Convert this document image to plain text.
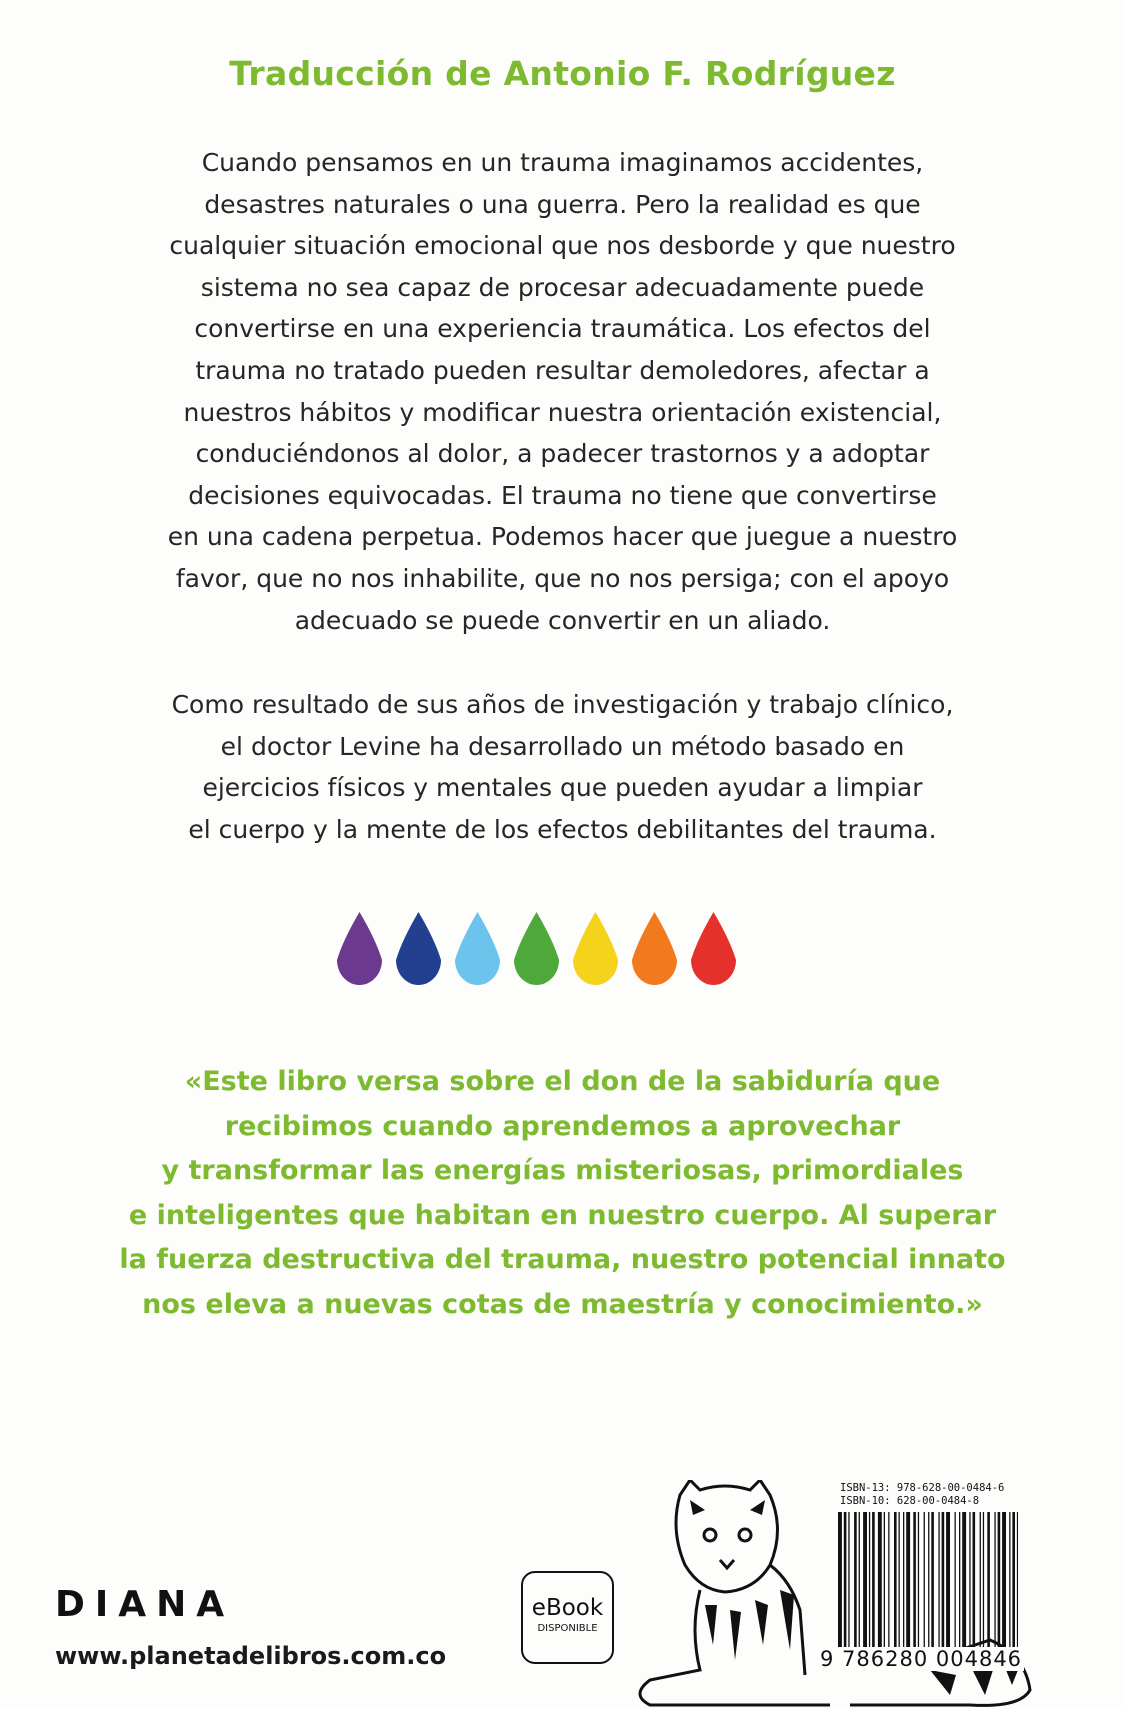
Traducción de Antonio F. Rodríguez
Cuando pensamos en un trauma imaginamos accidentes,
desastres naturales o una guerra. Pero la realidad es que
cualquier situación emocional que nos desborde y que nuestro
sistema no sea capaz de procesar adecuadamente puede
convertirse en una experiencia traumática. Los efectos del
trauma no tratado pueden resultar demoledores, afectar a
nuestros hábitos y modificar nuestra orientación existencial,
conduciéndonos al dolor, a padecer trastornos y a adoptar
decisiones equivocadas. El trauma no tiene que convertirse
en una cadena perpetua. Podemos hacer que juegue a nuestro
favor, que no nos inhabilite, que no nos persiga; con el apoyo
adecuado se puede convertir en un aliado.
Como resultado de sus años de investigación y trabajo clínico,
el doctor Levine ha desarrollado un método basado en
ejercicios físicos y mentales que pueden ayudar a limpiar
el cuerpo y la mente de los efectos debilitantes del trauma.
«Este libro versa sobre el don de la sabiduría que
recibimos cuando aprendemos a aprovechar
y transformar las energías misteriosas, primordiales
e inteligentes que habitan en nuestro cuerpo. Al superar
la fuerza destructiva del trauma, nuestro potencial innato
nos eleva a nuevas cotas de maestría y conocimiento.»
DIANA
www.planetadelibros.com.co
eBook
DISPONIBLE
ISBN-13: 978-628-00-0484-6
ISBN-10: 628-00-0484-8
9 786280 004846
